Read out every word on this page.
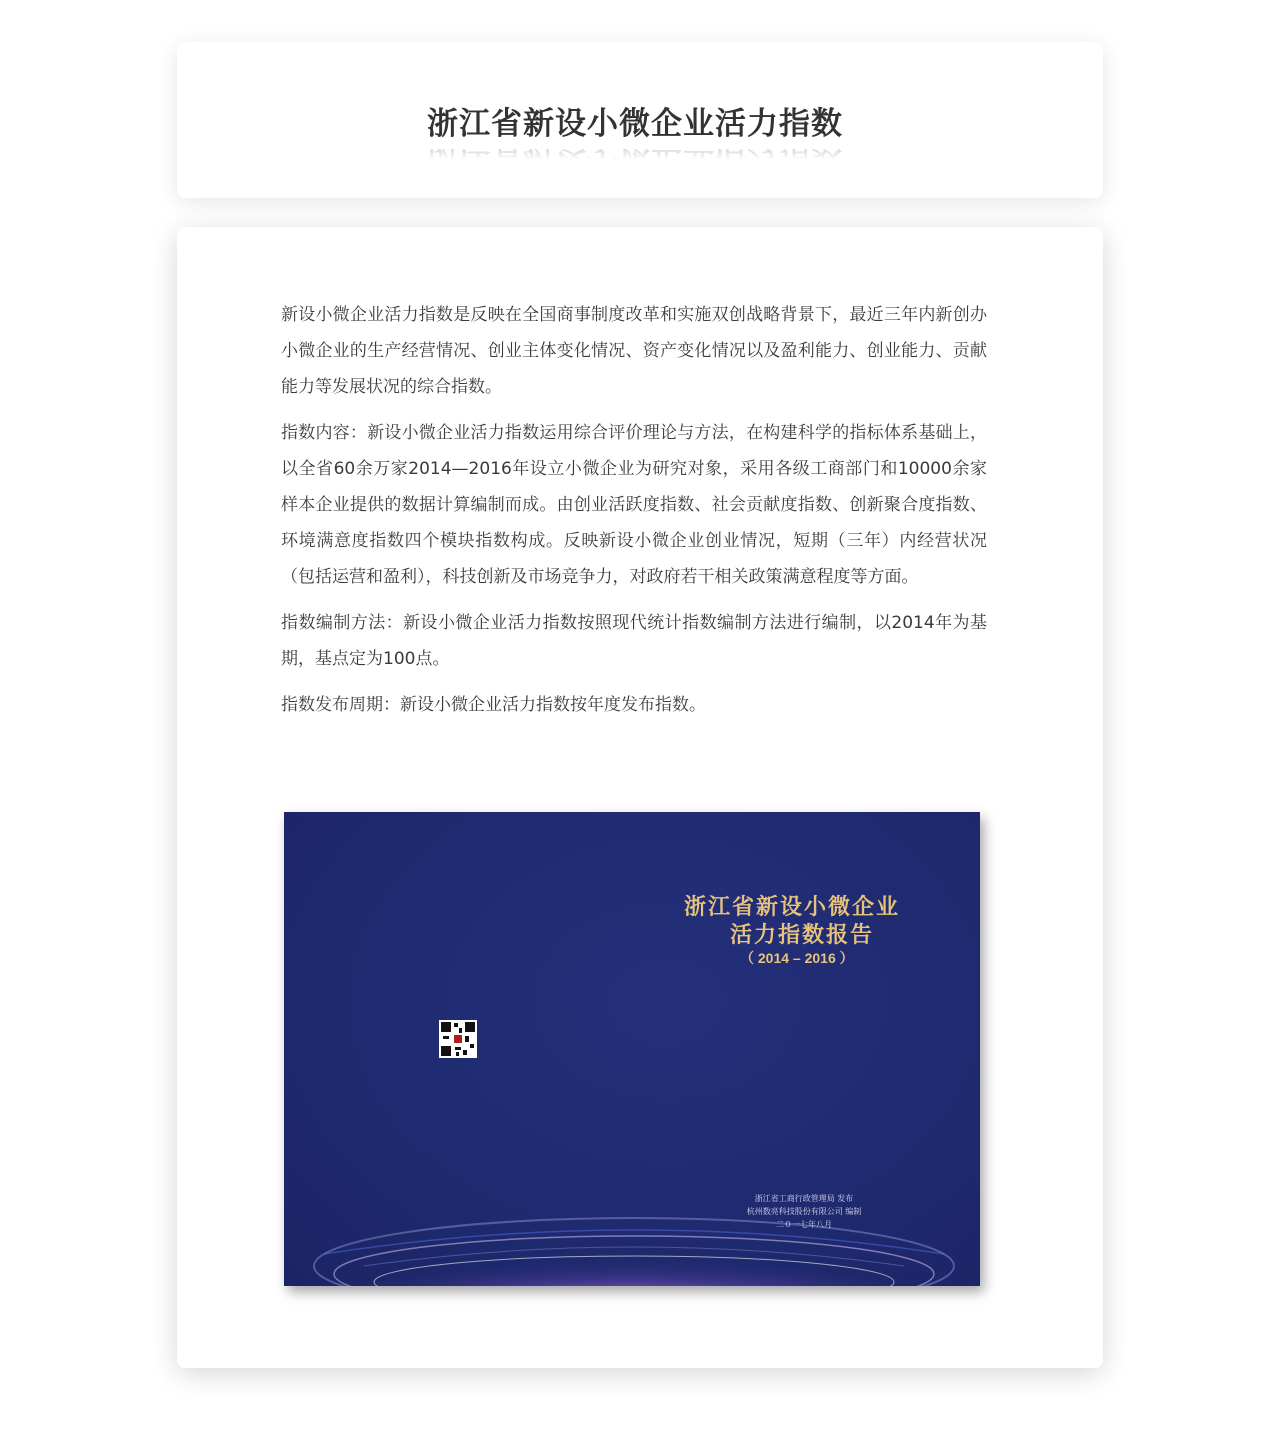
浙江省新设小微企业活力指数

新设小微企业活力指数是反映在全国商事制度改革和实施双创战略背景下，最近三年内新创办小微企业的生产经营情况、创业主体变化情况、资产变化情况以及盈利能力、创业能力、贡献能力等发展状况的综合指数。

指数内容：新设小微企业活力指数运用综合评价理论与方法，在构建科学的指标体系基础上，以全省60余万家2014—2016年设立小微企业为研究对象，采用各级工商部门和10000余家样本企业提供的数据计算编制而成。由创业活跃度指数、社会贡献度指数、创新聚合度指数、环境满意度指数四个模块指数构成。反映新设小微企业创业情况，短期（三年）内经营状况（包括运营和盈利），科技创新及市场竞争力，对政府若干相关政策满意程度等方面。

指数编制方法：新设小微企业活力指数按照现代统计指数编制方法进行编制，以2014年为基期，基点定为100点。

指数发布周期：新设小微企业活力指数按年度发布指数。

浙江省新设小微企业
活力指数报告
（ 2014 – 2016 ）
浙江省工商行政管理局 发布
杭州数亮科技股份有限公司 编制
二０一七年八月
